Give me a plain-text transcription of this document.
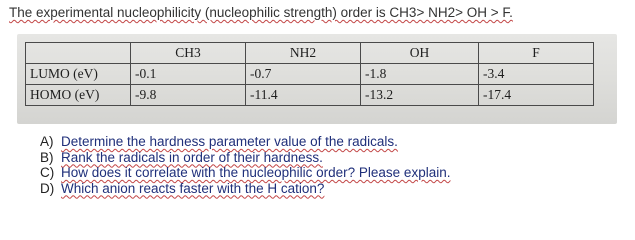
The experimental nucleophilicity (nucleophilic strength) order is CH3> NH2> OH > F.
	CH3	NH2	OH	F
LUMO (eV)	-0.1	-0.7	-1.8	-3.4
HOMO (eV)	-9.8	-11.4	-13.2	-17.4
A) Determine the hardness parameter value of the radicals.
B) Rank the radicals in order of their hardness.
C) How does it correlate with the nucleophilic order? Please explain.
D) Which anion reacts faster with the H cation?
